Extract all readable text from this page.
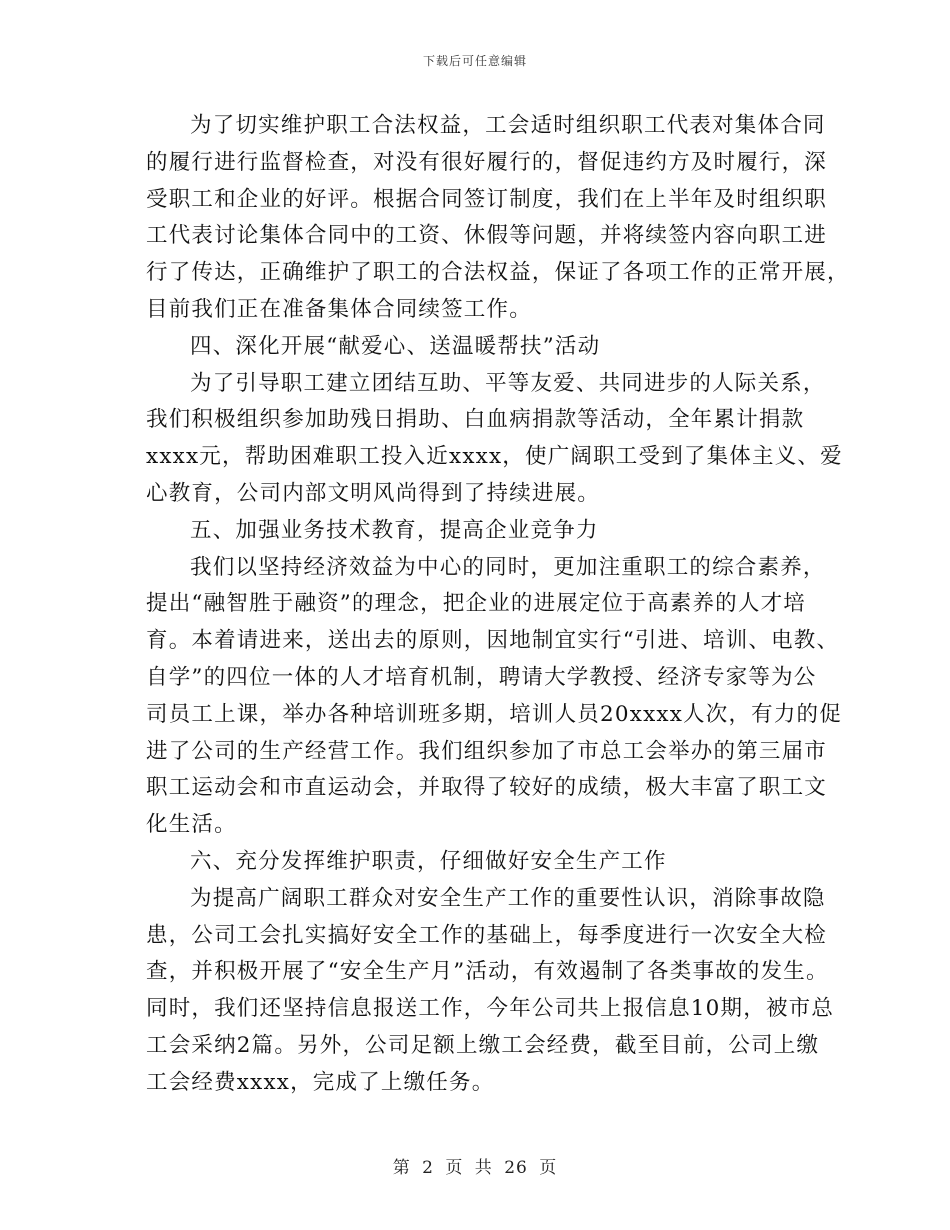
下载后可任意编辑

为了切实维护职工合法权益，工会适时组织职工代表对集体合同

的履行进行监督检查，对没有很好履行的，督促违约方及时履行，深

受职工和企业的好评。根据合同签订制度，我们在上半年及时组织职

工代表讨论集体合同中的工资、休假等问题，并将续签内容向职工进

行了传达，正确维护了职工的合法权益，保证了各项工作的正常开展，

目前我们正在准备集体合同续签工作。

四、深化开展“献爱心、送温暖帮扶”活动

为了引导职工建立团结互助、平等友爱、共同进步的人际关系，

我们积极组织参加助残日捐助、白血病捐款等活动，全年累计捐款

xxxx元，帮助困难职工投入近xxxx，使广阔职工受到了集体主义、爱

心教育，公司内部文明风尚得到了持续进展。

五、加强业务技术教育，提高企业竞争力

我们以坚持经济效益为中心的同时，更加注重职工的综合素养，

提出“融智胜于融资”的理念，把企业的进展定位于高素养的人才培

育。本着请进来，送出去的原则，因地制宜实行“引进、培训、电教、

自学”的四位一体的人才培育机制，聘请大学教授、经济专家等为公

司员工上课，举办各种培训班多期，培训人员20xxxx人次，有力的促

进了公司的生产经营工作。我们组织参加了市总工会举办的第三届市

职工运动会和市直运动会，并取得了较好的成绩，极大丰富了职工文

化生活。

六、充分发挥维护职责，仔细做好安全生产工作

为提高广阔职工群众对安全生产工作的重要性认识，消除事故隐

患，公司工会扎实搞好安全工作的基础上，每季度进行一次安全大检

查，并积极开展了“安全生产月”活动，有效遏制了各类事故的发生。

同时，我们还坚持信息报送工作，今年公司共上报信息10期，被市总

工会采纳2篇。另外，公司足额上缴工会经费，截至目前，公司上缴

工会经费xxxx，完成了上缴任务。

第 2 页 共 26 页
